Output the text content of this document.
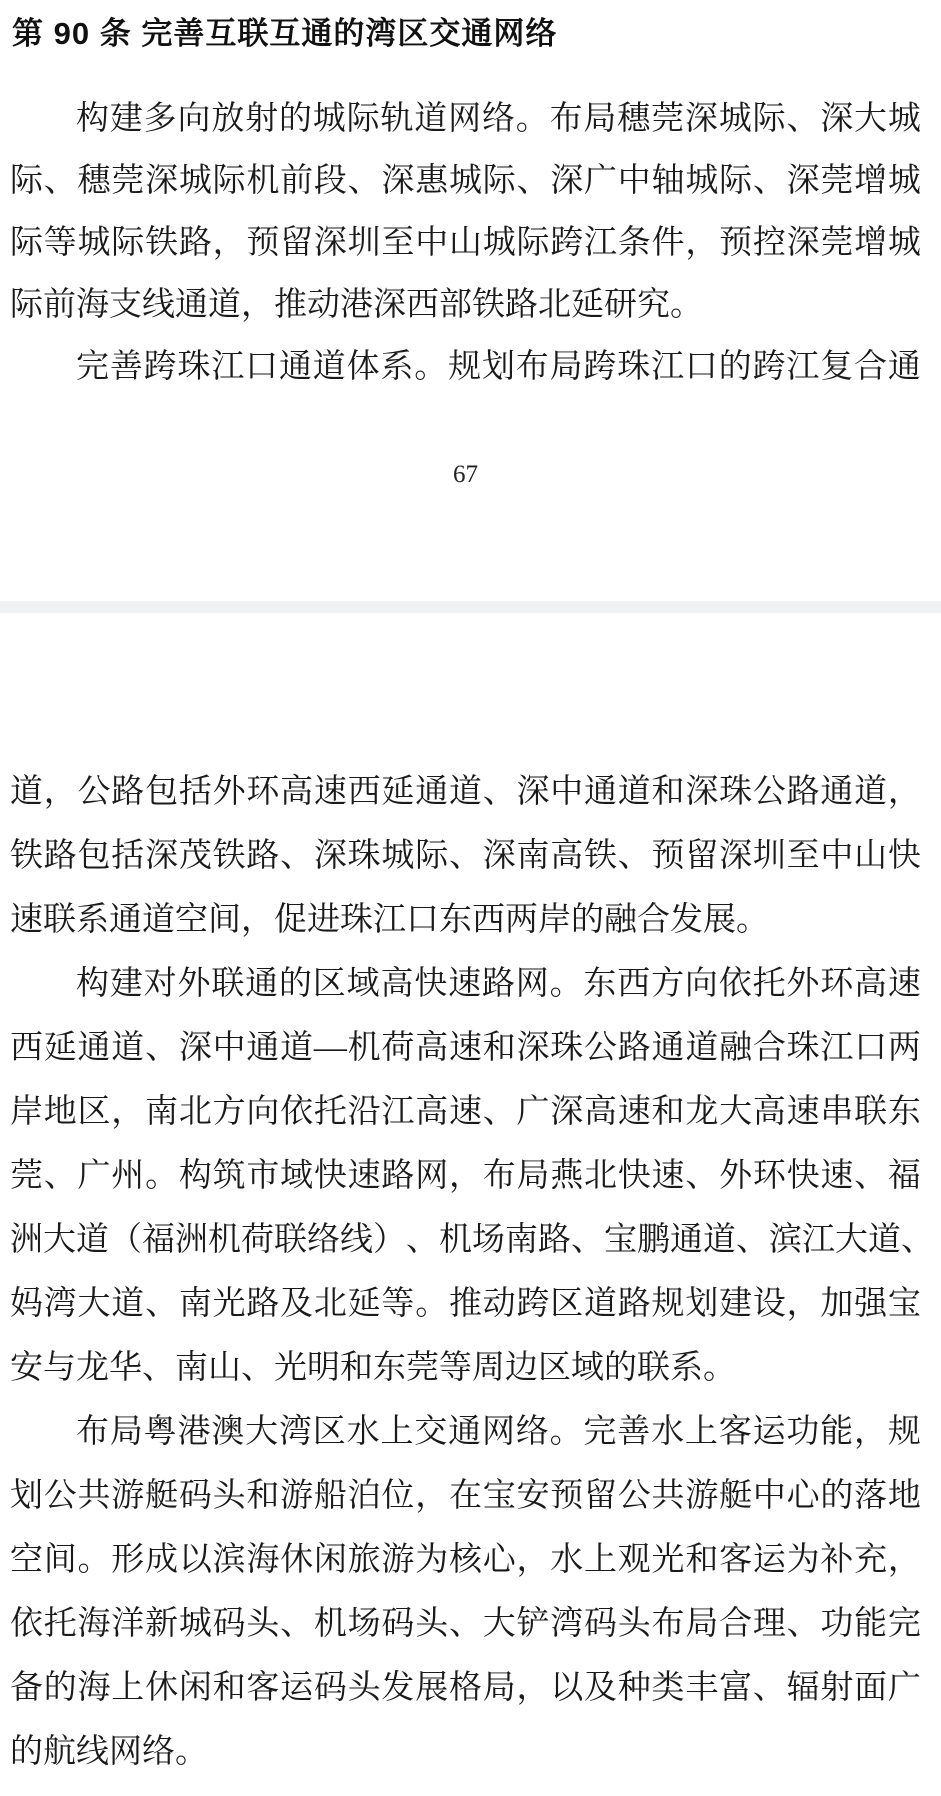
第 90 条 完善互联互通的湾区交通网络
构 建 多 向 放 射 的 城 际 轨 道 网 络 。 布 局 穗 莞 深 城 际 、 深 大 城
际 、 穗 莞 深 城 际 机 前 段 、 深 惠 城 际 、 深 广 中 轴 城 际 、 深 莞 增 城
际 等 城 际 铁 路 ， 预 留 深 圳 至 中 山 城 际 跨 江 条 件 ， 预 控 深 莞 增 城
际 前 海 支 线 通 道 ， 推 动 港 深 西 部 铁 路 北 延 研 究 。
完 善 跨 珠 江 口 通 道 体 系 。 规 划 布 局 跨 珠 江 口 的 跨 江 复 合 通
67
道 ， 公 路 包 括 外 环 高 速 西 延 通 道 、 深 中 通 道 和 深 珠 公 路 通 道 ，
铁 路 包 括 深 茂 铁 路 、 深 珠 城 际 、 深 南 高 铁 、 预 留 深 圳 至 中 山 快
速 联 系 通 道 空 间 ， 促 进 珠 江 口 东 西 两 岸 的 融 合 发 展 。
构 建 对 外 联 通 的 区 域 高 快 速 路 网 。 东 西 方 向 依 托 外 环 高 速
西 延 通 道 、 深 中 通 道 — 机 荷 高 速 和 深 珠 公 路 通 道 融 合 珠 江 口 两
岸 地 区 ， 南 北 方 向 依 托 沿 江 高 速 、 广 深 高 速 和 龙 大 高 速 串 联 东
莞 、 广 州 。 构 筑 市 域 快 速 路 网 ， 布 局 燕 北 快 速 、 外 环 快 速 、 福
洲 大 道 （ 福 洲 机 荷 联 络 线 ） 、 机 场 南 路 、 宝 鹏 通 道 、 滨 江 大 道 、
妈 湾 大 道 、 南 光 路 及 北 延 等 。 推 动 跨 区 道 路 规 划 建 设 ， 加 强 宝
安 与 龙 华 、 南 山 、 光 明 和 东 莞 等 周 边 区 域 的 联 系 。
布 局 粤 港 澳 大 湾 区 水 上 交 通 网 络 。 完 善 水 上 客 运 功 能 ， 规
划 公 共 游 艇 码 头 和 游 船 泊 位 ， 在 宝 安 预 留 公 共 游 艇 中 心 的 落 地
空 间 。 形 成 以 滨 海 休 闲 旅 游 为 核 心 ， 水 上 观 光 和 客 运 为 补 充 ，
依 托 海 洋 新 城 码 头 、 机 场 码 头 、 大 铲 湾 码 头 布 局 合 理 、 功 能 完
备 的 海 上 休 闲 和 客 运 码 头 发 展 格 局 ， 以 及 种 类 丰 富 、 辐 射 面 广
的 航 线 网 络 。
